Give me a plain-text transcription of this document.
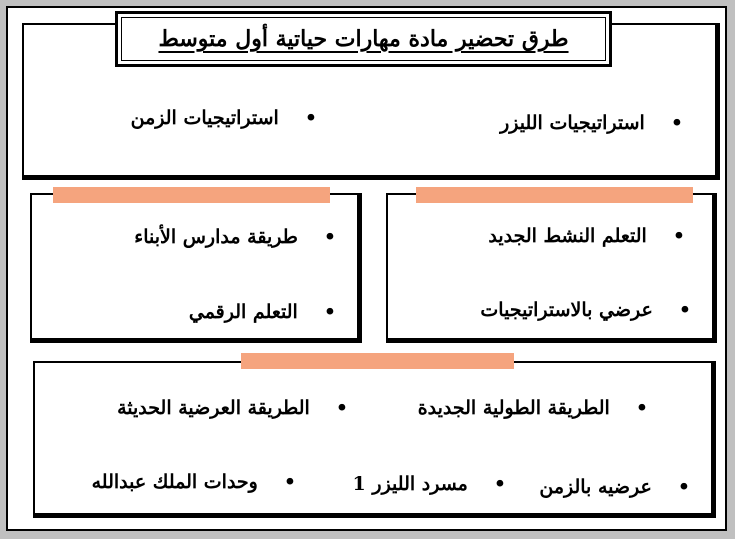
طرق تحضير مادة مهارات حياتية أول متوسط
•استراتيجيات الليزر
•استراتيجيات الزمن
•التعلم النشط الجديد
•عرضي بالاستراتيجيات
•طريقة مدارس الأبناء
•التعلم الرقمي
•الطريقة الطولية الجديدة
•الطريقة العرضية الحديثة
•عرضيه بالزمن
•مسرد الليزر 1
•وحدات الملك عبدالله
